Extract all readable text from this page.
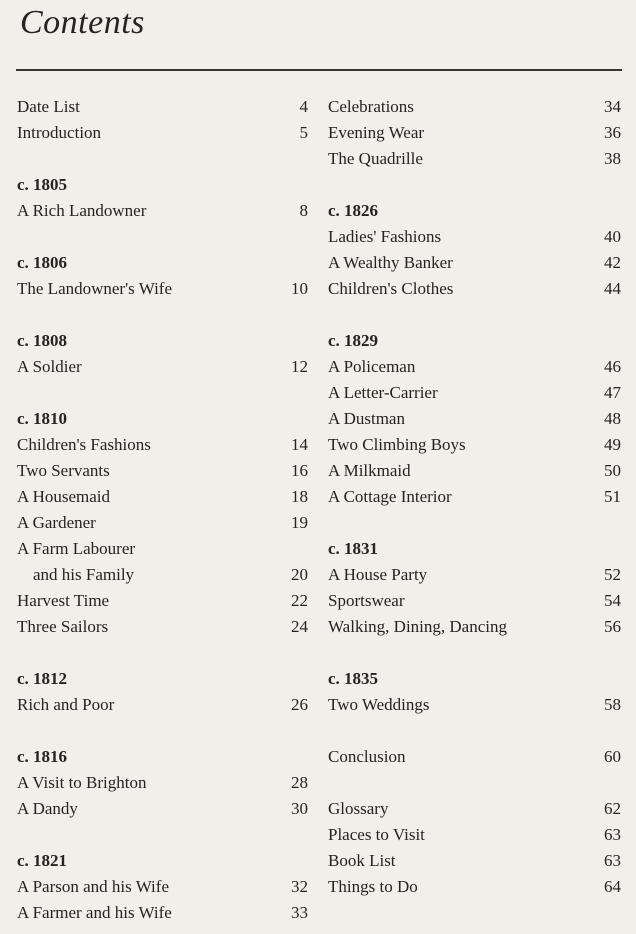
Contents
Date List	4
Introduction	5
c. 1805
A Rich Landowner	8
c. 1806
The Landowner's Wife	10
c. 1808
A Soldier	12
c. 1810
Children's Fashions	14
Two Servants	16
A Housemaid	18
A Gardener	19
A Farm Labourer
and his Family	20
Harvest Time	22
Three Sailors	24
c. 1812
Rich and Poor	26
c. 1816
A Visit to Brighton	28
A Dandy	30
c. 1821
A Parson and his Wife	32
A Farmer and his Wife	33
Celebrations	34
Evening Wear	36
The Quadrille	38
c. 1826
Ladies' Fashions	40
A Wealthy Banker	42
Children's Clothes	44
c. 1829
A Policeman	46
A Letter-Carrier	47
A Dustman	48
Two Climbing Boys	49
A Milkmaid	50
A Cottage Interior	51
c. 1831
A House Party	52
Sportswear	54
Walking, Dining, Dancing	56
c. 1835
Two Weddings	58
Conclusion	60
Glossary	62
Places to Visit	63
Book List	63
Things to Do	64
